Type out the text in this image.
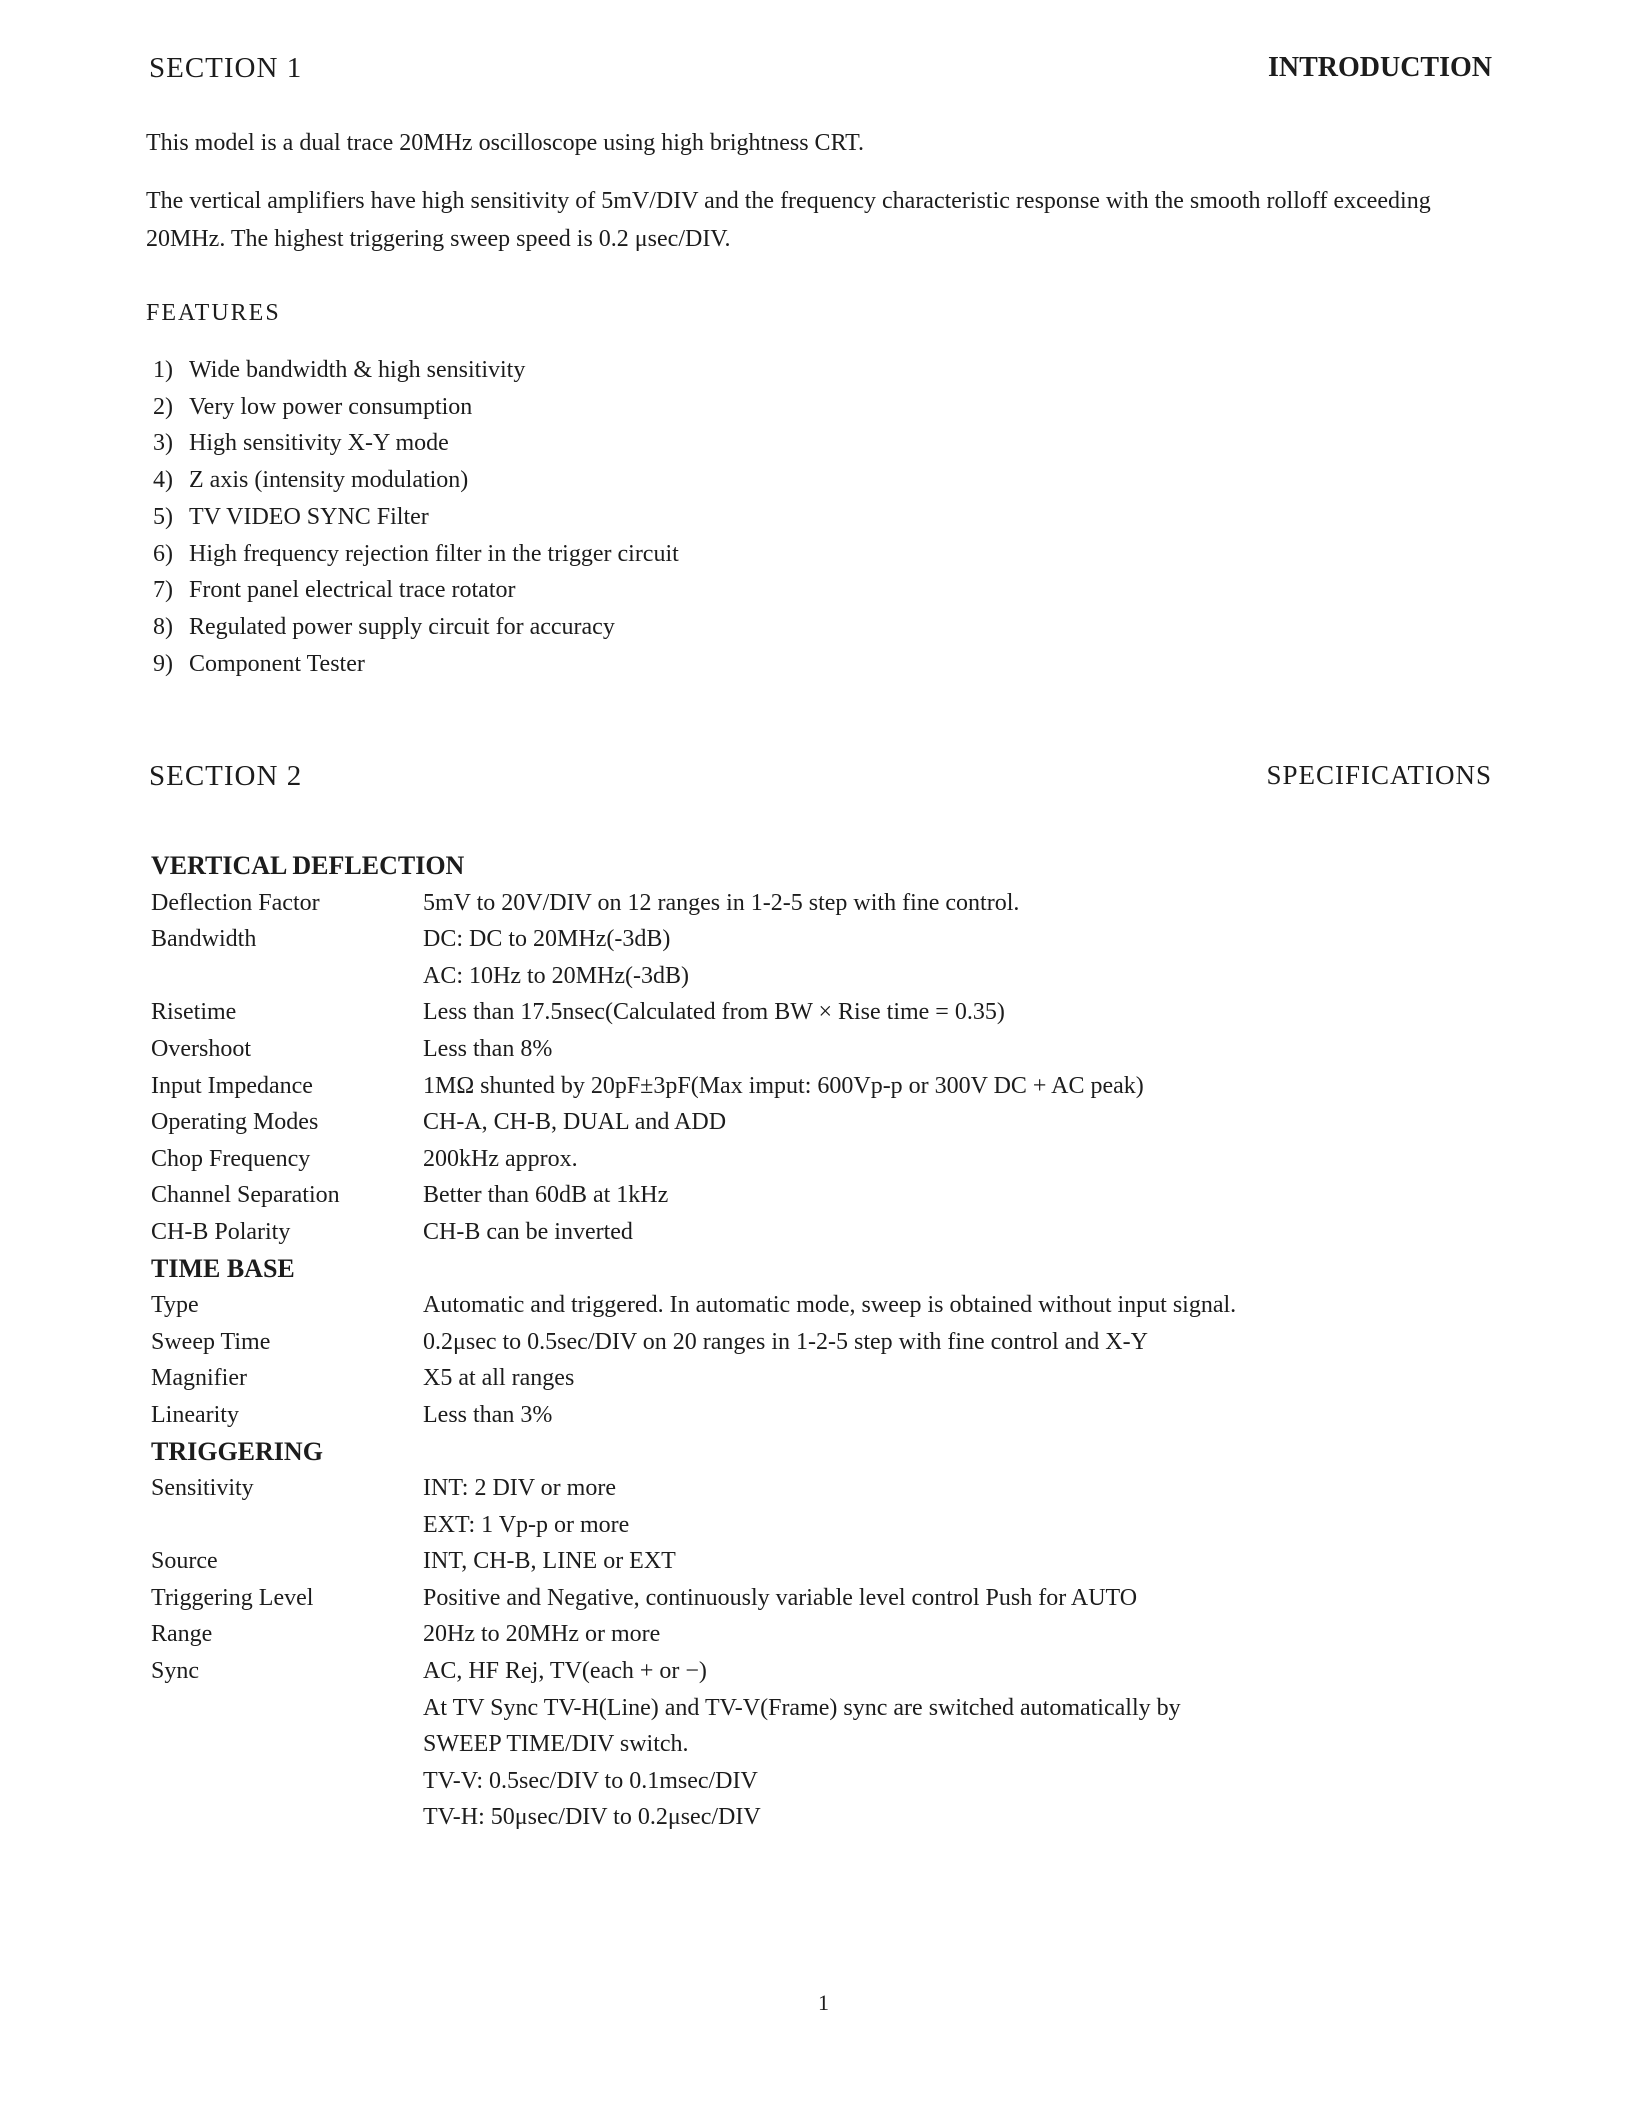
SECTION 1	INTRODUCTION

This model is a dual trace 20MHz oscilloscope using high brightness CRT.

The vertical amplifiers have high sensitivity of 5mV/DIV and the frequency characteristic response with the smooth rolloff exceeding 20MHz. The highest triggering sweep speed is 0.2 μsec/DIV.

FEATURES
1) Wide bandwidth & high sensitivity
2) Very low power consumption
3) High sensitivity X-Y mode
4) Z axis (intensity modulation)
5) TV VIDEO SYNC Filter
6) High frequency rejection filter in the trigger circuit
7) Front panel electrical trace rotator
8) Regulated power supply circuit for accuracy
9) Component Tester
SECTION 2	SPECIFICATIONS
VERTICAL DEFLECTION
Deflection Factor	5mV to 20V/DIV on 12 ranges in 1-2-5 step with fine control.
Bandwidth	DC: DC to 20MHz(-3dB)
AC: 10Hz to 20MHz(-3dB)
Risetime	Less than 17.5nsec(Calculated from BW × Rise time = 0.35)
Overshoot	Less than 8%
Input Impedance	1MΩ shunted by 20pF±3pF(Max imput: 600Vp-p or 300V DC + AC peak)
Operating Modes	CH-A, CH-B, DUAL and ADD
Chop Frequency	200kHz approx.
Channel Separation	Better than 60dB at 1kHz
CH-B Polarity	CH-B can be inverted
TIME BASE
Type	Automatic and triggered. In automatic mode, sweep is obtained without input signal.
Sweep Time	0.2μsec to 0.5sec/DIV on 20 ranges in 1-2-5 step with fine control and X-Y
Magnifier	X5 at all ranges
Linearity	Less than 3%
TRIGGERING
Sensitivity	INT: 2 DIV or more
EXT: 1 Vp-p or more
Source	INT, CH-B, LINE or EXT
Triggering Level	Positive and Negative, continuously variable level control Push for AUTO
Range	20Hz to 20MHz or more
Sync	AC, HF Rej, TV(each + or −)
At TV Sync TV-H(Line) and TV-V(Frame) sync are switched automatically by
SWEEP TIME/DIV switch.
TV-V: 0.5sec/DIV to 0.1msec/DIV
TV-H: 50μsec/DIV to 0.2μsec/DIV
1
